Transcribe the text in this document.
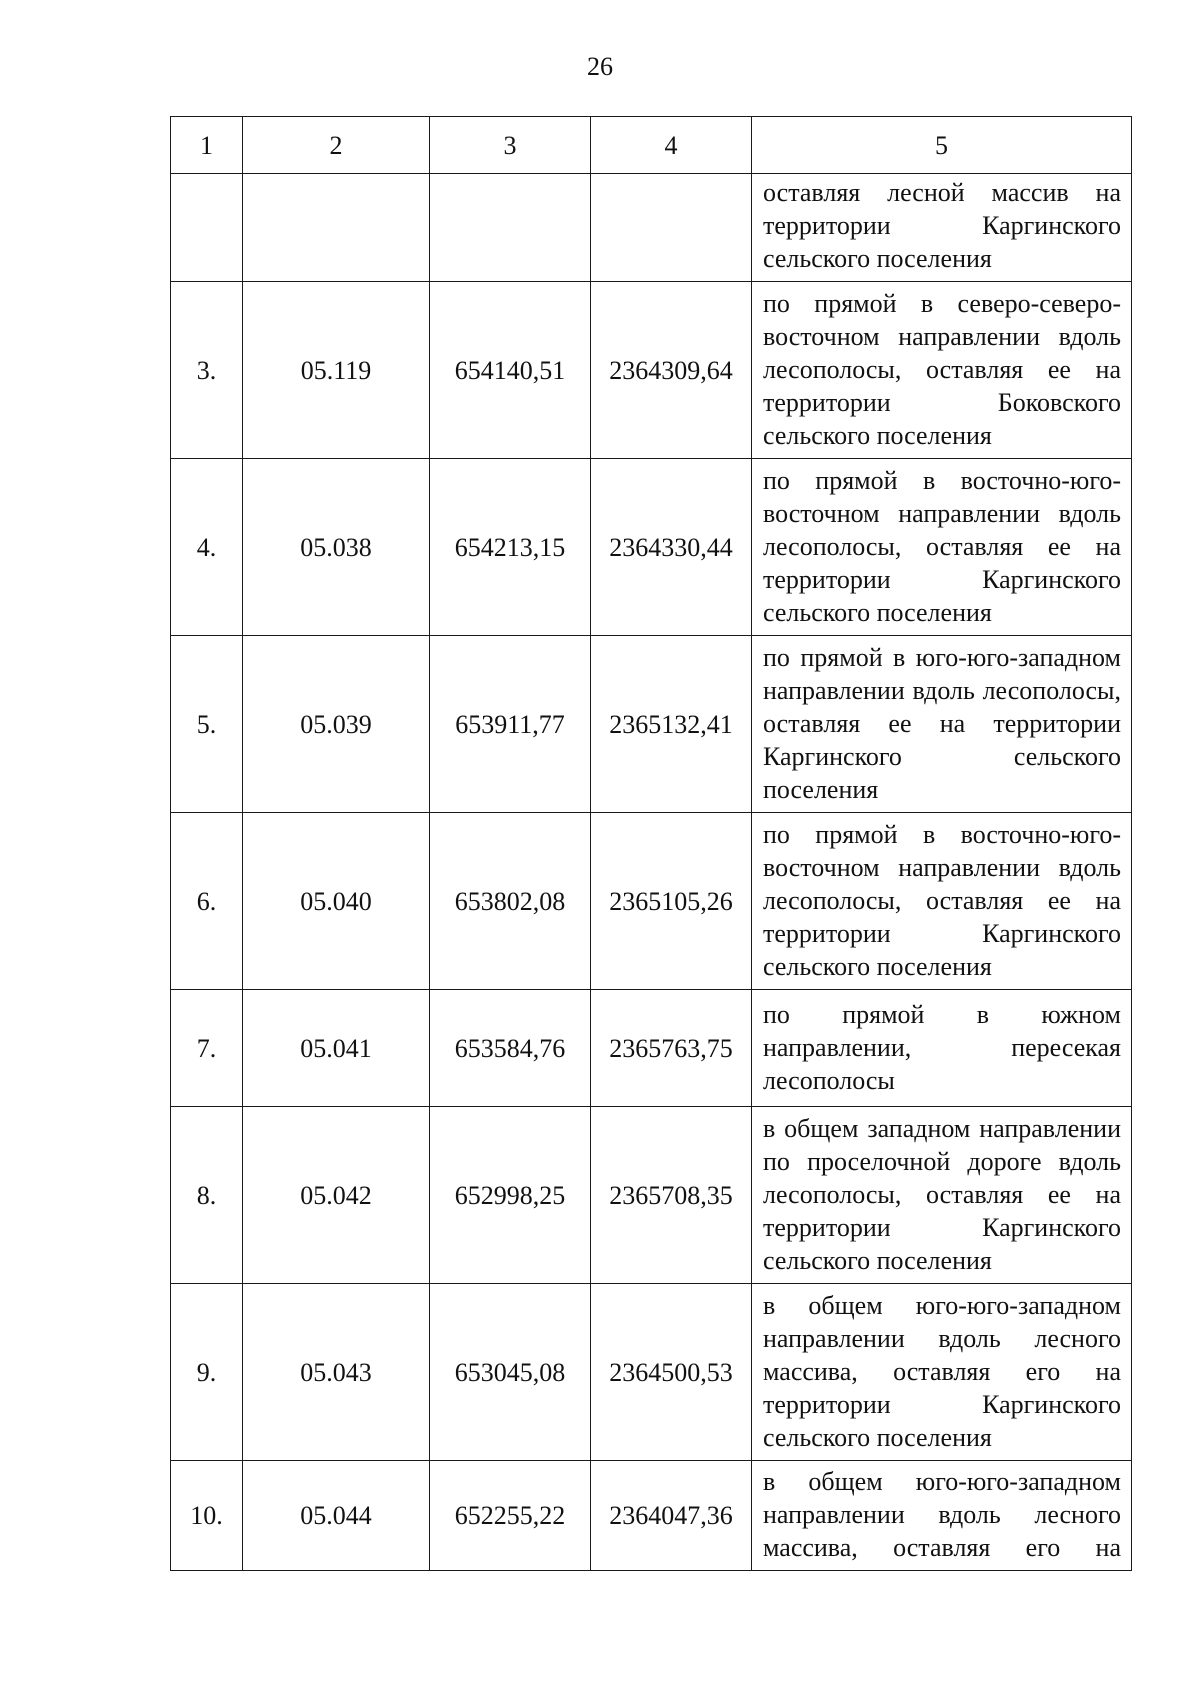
26
1	2	3	4	5
				оставляя лесной массив на территории Каргинского сельского поселения
3.	05.119	654140,51	2364309,64	по прямой в северо-северо-восточном направлении вдоль лесополосы, оставляя ее на территории Боковского сельского поселения
4.	05.038	654213,15	2364330,44	по прямой в восточно-юго-восточном направлении вдоль лесополосы, оставляя ее на территории Каргинского сельского поселения
5.	05.039	653911,77	2365132,41	по прямой в юго-юго-западном направлении вдоль лесополосы, оставляя ее на территории Каргинского сельского поселения
6.	05.040	653802,08	2365105,26	по прямой в восточно-юго-восточном направлении вдоль лесополосы, оставляя ее на территории Каргинского сельского поселения
7.	05.041	653584,76	2365763,75	по прямой в южном направлении, пересекая лесополосы
8.	05.042	652998,25	2365708,35	в общем западном направлении по проселочной дороге вдоль лесополосы, оставляя ее на территории Каргинского сельского поселения
9.	05.043	653045,08	2364500,53	в общем юго-юго-западном направлении вдоль лесного массива, оставляя его на территории Каргинского сельского поселения
10.	05.044	652255,22	2364047,36	в общем юго-юго-западном направлении вдоль лесного массива, оставляя его на
